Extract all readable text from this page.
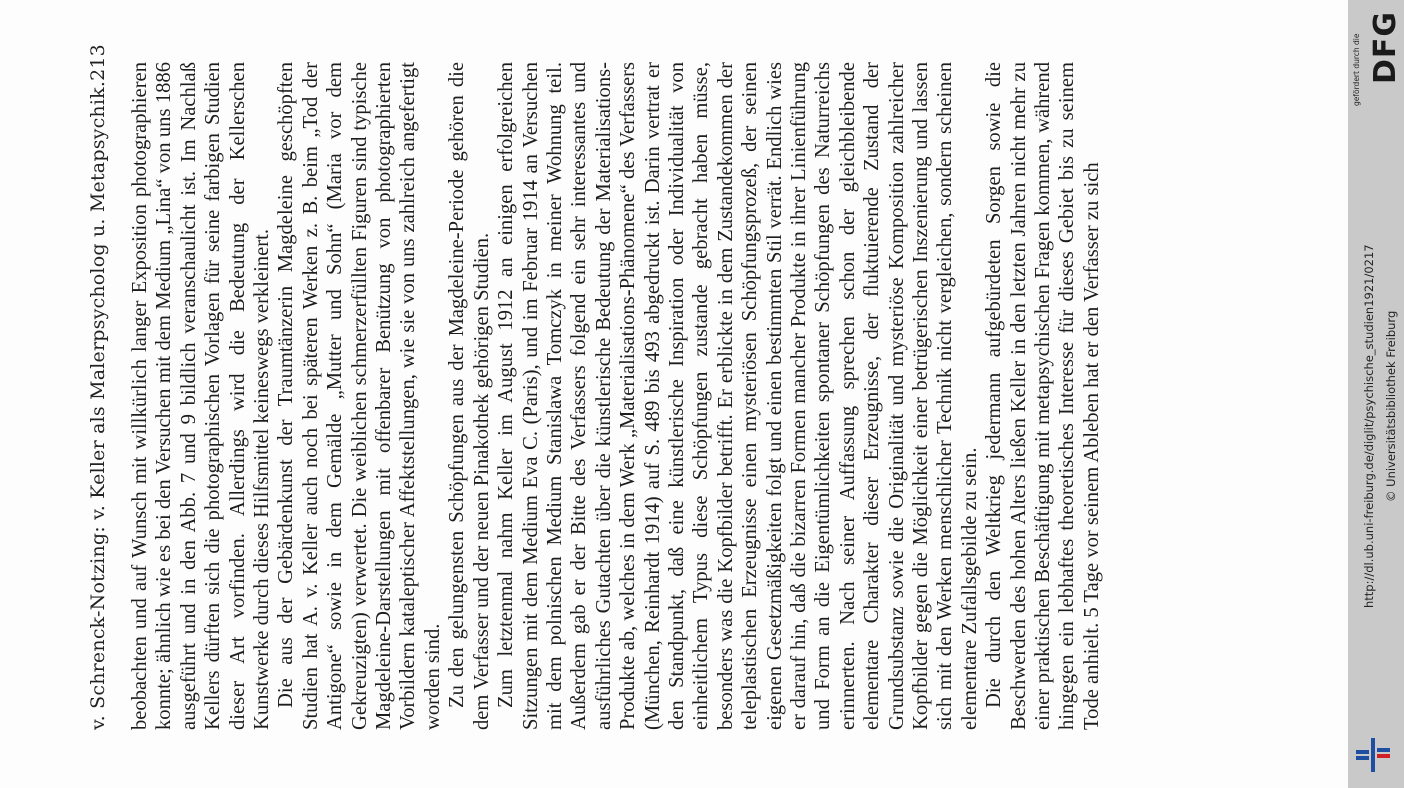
v. Schrenck-Notzing: v. Keller als Malerpsycholog u. Metapsychik.
213 beobachten und auf Wunsch mit willkürlich langer Exposition photographieren konnte; ähnlich wie es bei den Versuchen mit dem Medium „Lina“ von uns 1886 ausgeführt und in den Abb. 7 und 9 bildlich veranschaulicht ist. Im Nachlaß Kellers dürften sich die photographischen Vorlagen für seine farbigen Studien dieser Art vorfinden. Allerdings wird die Bedeutung der Kellerschen Kunstwerke durch dieses Hilfsmittel keineswegs verkleinert. Die aus der Gebärdenkunst der Traumtänzerin Magdeleine geschöpften Studien hat A. v. Keller auch noch bei späteren Werken z. B. beim „Tod der Antigone“ sowie in dem Gemälde „Mutter und Sohn“ (Maria vor dem Gekreuzigten) verwertet. Die weiblichen schmerzerfüllten Figuren sind typische Magdeleine-Darstellungen mit offenbarer Benützung von photographierten Vorbildern kataleptischer Affektstellungen, wie sie von uns zahlreich angefertigt worden sind. Zu den gelungensten Schöpfungen aus der Magdeleine-Periode gehören die dem Verfasser und der neuen Pinakothek gehörigen Studien. Zum letztenmal nahm Keller im August 1912 an einigen erfolgreichen Sitzungen mit dem Medium Eva C. (Paris), und im Februar 1914 an Versuchen mit dem polnischen Medium Stanislawa Tomczyk in meiner Wohnung teil. Außerdem gab er der Bitte des Verfassers folgend ein sehr interessantes und ausführliches Gutachten über die künstlerische Bedeutung der Materialisations-Produkte ab, welches in dem Werk „Materialisations-Phänomene“ des Verfassers (München, Reinhardt 1914) auf S. 489 bis 493 abgedruckt ist. Darin vertrat er den Standpunkt, daß eine künstlerische Inspiration oder Individualität von einheitlichem Typus diese Schöpfungen zustande gebracht haben müsse, besonders was die Kopfbilder betrifft. Er erblickte in dem Zustandekommen der teleplastischen Erzeugnisse einen mysteriösen Schöpfungsprozeß, der seinen eigenen Gesetzmäßigkeiten folgt und einen bestimmten Stil verrät. Endlich wies er darauf hin, daß die bizarren Formen mancher Produkte in ihrer Linienführung und Form an die Eigentümlichkeiten spontaner Schöpfungen des Naturreichs erinnerten. Nach seiner Auffassung sprechen schon der gleichbleibende elementare Charakter dieser Erzeugnisse, der fluktuierende Zustand der Grundsubstanz sowie die Originalität und mysteriöse Komposition zahlreicher Kopfbilder gegen die Möglichkeit einer betrügerischen Inszenierung und lassen sich mit den Werken menschlicher Technik nicht vergleichen, sondern scheinen elementare Zufallsgebilde zu sein. Die durch den Weltkrieg jedermann aufgebürdeten Sorgen sowie die Beschwerden des hohen Alters ließen Keller in den letzten Jahren nicht mehr zu einer praktischen Beschäftigung mit metapsychischen Fragen kommen, während hingegen ein lebhaftes theoretisches Interesse für dieses Gebiet bis zu seinem Tode anhielt. 5 Tage vor seinem Ableben hat er den Verfasser zu sich

DFG
gefördert durch die
http://dl.ub.uni-freiburg.de/diglit/psychische_studien1921/0217 © Universitätsbibliothek Freiburg
